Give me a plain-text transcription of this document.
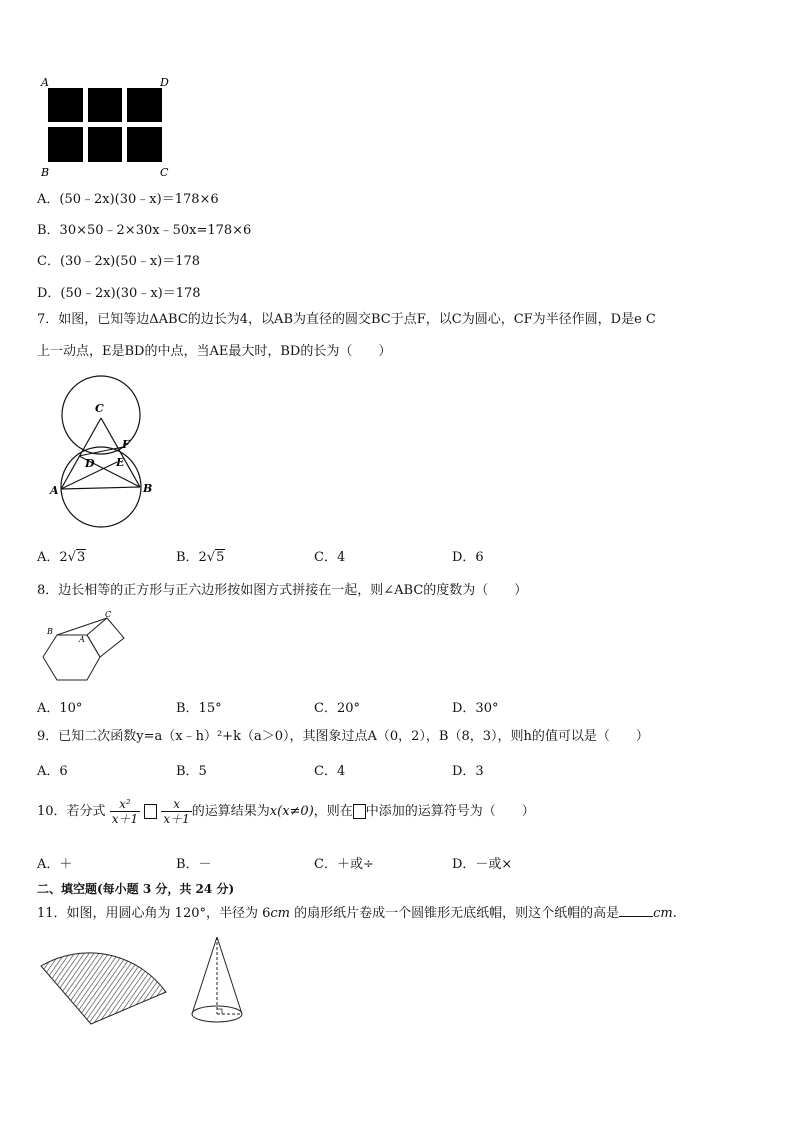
A	D
B	C
A．(50﹣2x)(30﹣x)＝178×6
B．30×50﹣2×30x﹣50x=178×6
C．(30﹣2x)(50﹣x)＝178
D．(50﹣2x)(30﹣x)＝178
7．如图，已知等边ΔABC的边长为4，以AB为直径的圆交BC于点F，以C为圆心，CF为半径作圆，D是e C
上一动点，E是BD的中点，当AE最大时，BD的长为（　　）
C
F
D E
A	B
A．2√3	B．2√5	C．4	D．6
8．边长相等的正方形与正六边形按如图方式拼接在一起，则∠ABC的度数为（　　）
B
C
A
A．10°	B．15°	C．20°	D．30°
9．已知二次函数y=a（x﹣h）²+k（a＞0），其图象过点A（0，2），B（8，3），则h的值可以是（　　）
A．6	B．5	C．4	D．3
10．若分式 $\frac{\text{x²}}{x+1}$
$\frac{x}{x+1}$ 的运算结果为x(x≠0)，则在 中添加的运算符号为（　　）
A．＋	B．－	C．＋或÷	D．－或×
二、填空题(每小题 3 分，共 24 分)
11．如图，用圆心角为 120°，半径为 6cm 的扇形纸片卷成一个圆锥形无底纸帽，则这个纸帽的高是	cm.
